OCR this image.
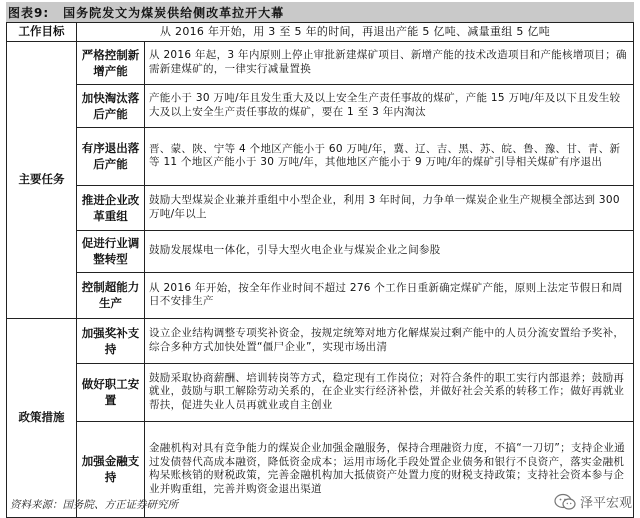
图表9: 国务院发文为煤炭供给侧改革拉开大幕
工作目标	从 2016 年开始，用 3 至 5 年的时间，再退出产能 5 亿吨、减量重组 5 亿吨	
主要任务	严格控制新增产能	从 2016 年起，3 年内原则上停止审批新建煤矿项目、新增产能的技术改造项目和产能核增项目；确需新建煤矿的，一律实行减量置换
	加快淘汰落后产能	产能小于 30 万吨/年且发生重大及以上安全生产责任事故的煤矿，产能 15 万吨/年及以下且发生较大及以上安全生产责任事故的煤矿，要在 1 至 3 年内淘汰
	有序退出落后产能	晋、蒙、陕、宁等 4 个地区产能小于 60 万吨/年，冀、辽、吉、黑、苏、皖、鲁、豫、甘、青、新等 11 个地区产能小于 30 万吨/年，其他地区产能小于 9 万吨/年的煤矿引导相关煤矿有序退出
	推进企业改革重组	鼓励大型煤炭企业兼并重组中小型企业，利用 3 年时间，力争单一煤炭企业生产规模全部达到 300 万吨/年以上
	促进行业调整转型	鼓励发展煤电一体化，引导大型火电企业与煤炭企业之间参股
	控制超能力生产	从 2016 年开始，按全年作业时间不超过 276 个工作日重新确定煤矿产能，原则上法定节假日和周日不安排生产
政策措施	加强奖补支持	设立企业结构调整专项奖补资金，按规定统筹对地方化解煤炭过剩产能中的人员分流安置给予奖补，综合多种方式加快处置“僵尸企业”，实现市场出清
	做好职工安置	鼓励采取协商薪酬、培训转岗等方式，稳定现有工作岗位；对符合条件的职工实行内部退养；鼓励再就业，鼓励与职工解除劳动关系的，在企业实行经济补偿，并做好社会关系的转移工作；做好再就业帮扶，促进失业人员再就业或自主创业
	加强金融支持	金融机构对具有竞争能力的煤炭企业加强金融服务，保持合理融资力度，不搞“一刀切”；支持企业通过发债替代高成本融资，降低资金成本；运用市场化手段处置企业债务和银行不良资产，落实金融机构呆账核销的财税政策，完善金融机构加大抵债资产处置力度的财税支持政策；支持社会资本参与企业并购重组，完善并购资金退出渠道
资料来源：国务院、方正证券研究所	泽平宏观
